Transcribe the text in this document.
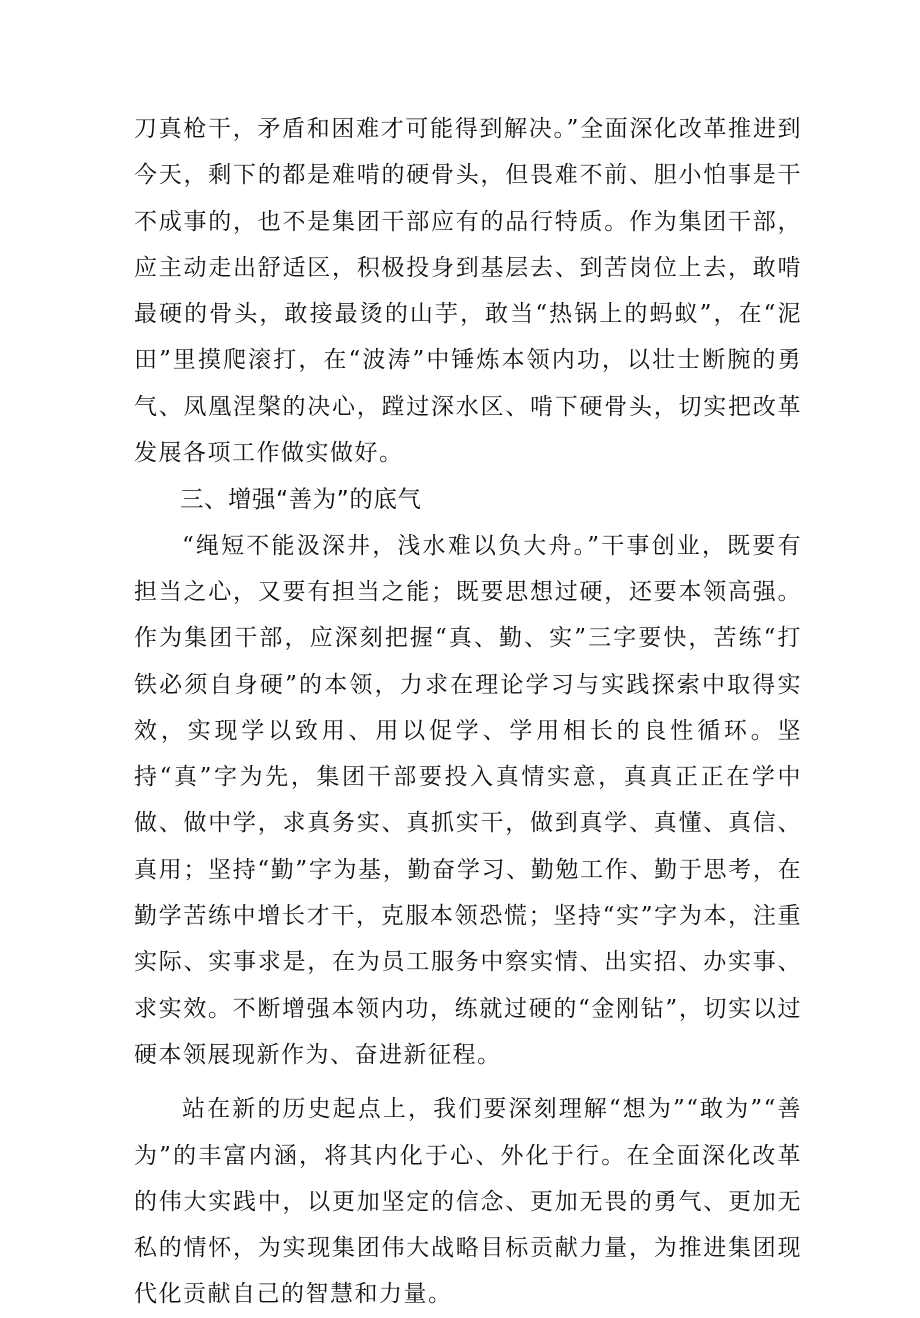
刀真枪干，矛盾和困难才可能得到解决。”全面深化改革推进到今天，剩下的都是难啃的硬骨头，但畏难不前、胆小怕事是干不成事的，也不是集团干部应有的品行特质。作为集团干部，应主动走出舒适区，积极投身到基层去、到苦岗位上去，敢啃最硬的骨头，敢接最烫的山芋，敢当“热锅上的蚂蚁”，在“泥田”里摸爬滚打，在“波涛”中锤炼本领内功，以壮士断腕的勇气、凤凰涅槃的决心，蹚过深水区、啃下硬骨头，切实把改革发展各项工作做实做好。

三、增强“善为”的底气

“绳短不能汲深井，浅水难以负大舟。”干事创业，既要有担当之心，又要有担当之能；既要思想过硬，还要本领高强。作为集团干部，应深刻把握“真、勤、实”三字要快，苦练“打铁必须自身硬”的本领，力求在理论学习与实践探索中取得实效，实现学以致用、用以促学、学用相长的良性循环。坚持“真”字为先，集团干部要投入真情实意，真真正正在学中做、做中学，求真务实、真抓实干，做到真学、真懂、真信、真用；坚持“勤”字为基，勤奋学习、勤勉工作、勤于思考，在勤学苦练中增长才干，克服本领恐慌；坚持“实”字为本，注重实际、实事求是，在为员工服务中察实情、出实招、办实事、求实效。不断增强本领内功，练就过硬的“金刚钻”，切实以过硬本领展现新作为、奋进新征程。

站在新的历史起点上，我们要深刻理解“想为”“敢为”“善为”的丰富内涵，将其内化于心、外化于行。在全面深化改革的伟大实践中，以更加坚定的信念、更加无畏的勇气、更加无私的情怀，为实现集团伟大战略目标贡献力量，为推进集团现代化贡献自己的智慧和力量。
